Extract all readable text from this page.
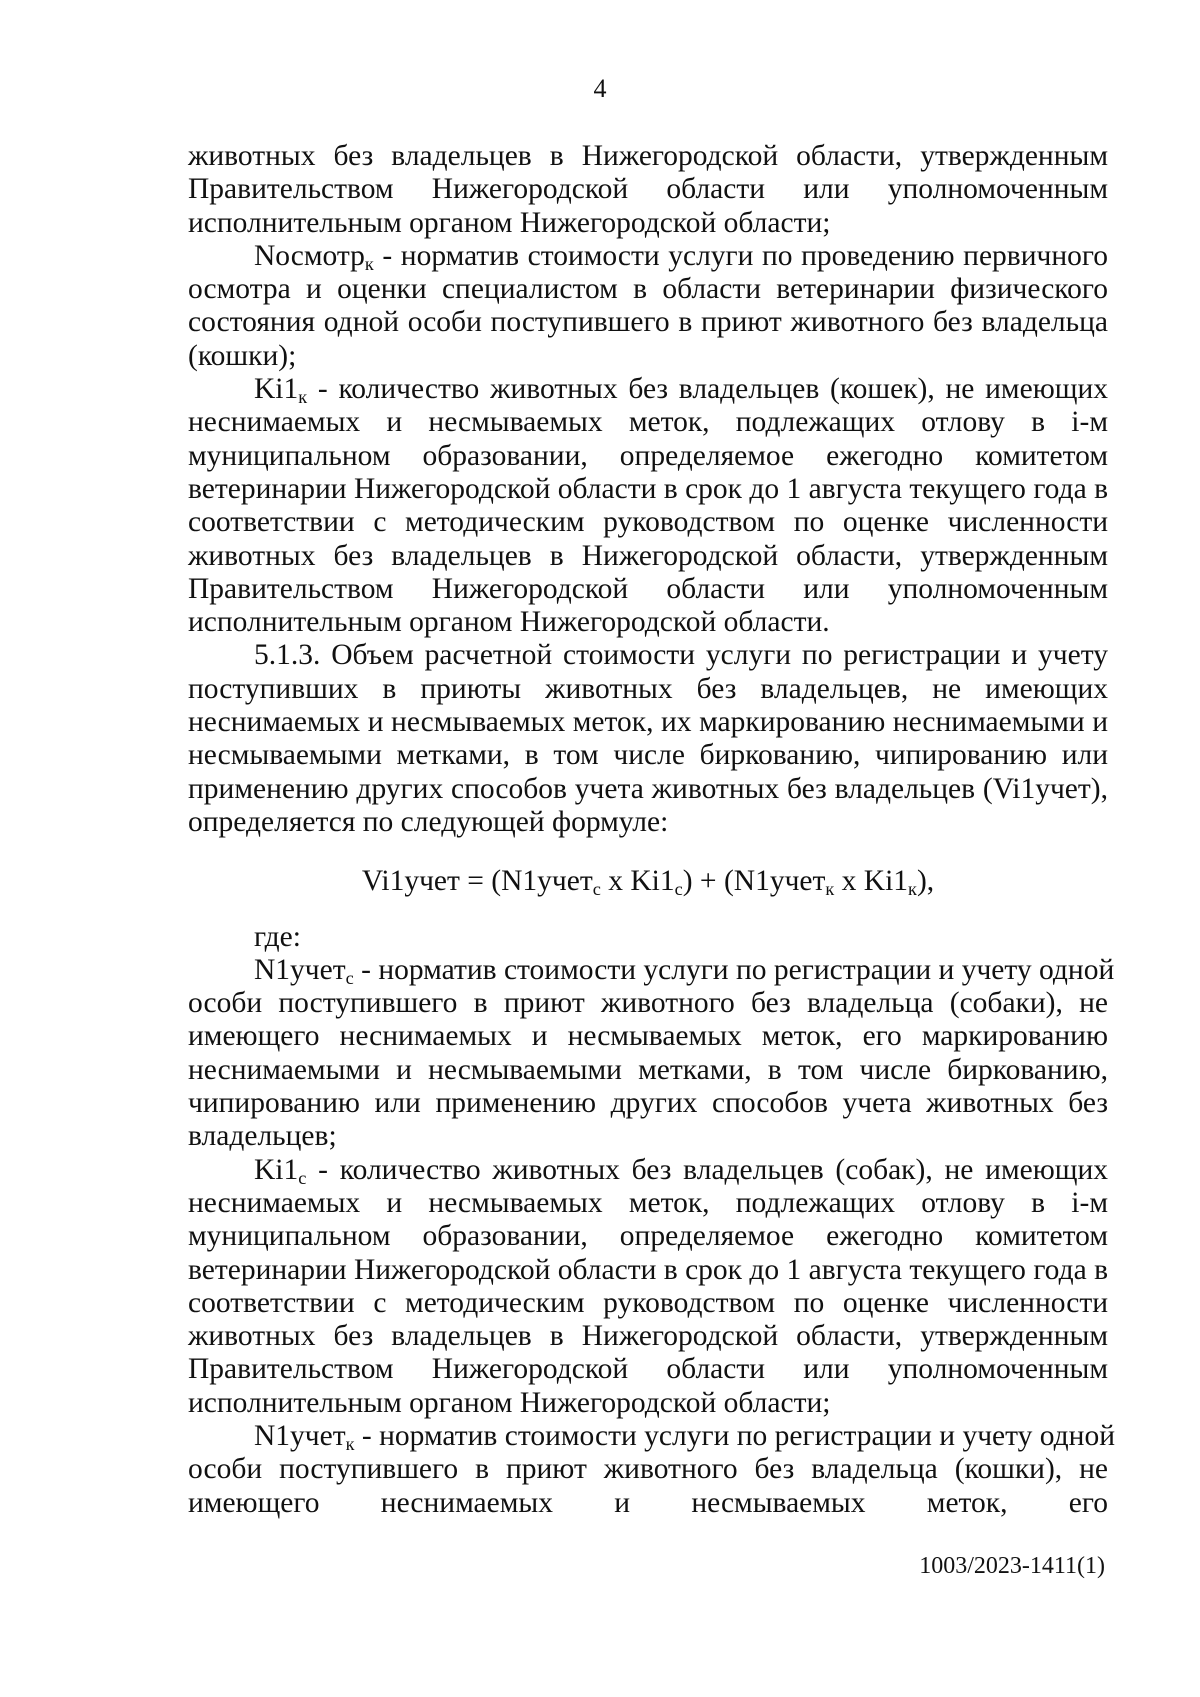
4
животных без владельцев в Нижегородской области, утвержденным
Правительством Нижегородской области или уполномоченным
исполнительным органом Нижегородской области;
Nосмотр$_к$ - норматив стоимости услуги по проведению первичного
осмотра и оценки специалистом в области ветеринарии физического
состояния одной особи поступившего в приют животного без владельца
(кошки);
$Ki1_к$ - количество животных без владельцев (кошек), не имеющих
неснимаемых и несмываемых меток, подлежащих отлову в i-м
муниципальном образовании, определяемое ежегодно комитетом
ветеринарии Нижегородской области в срок до 1 августа текущего года в
соответствии с методическим руководством по оценке численности
животных без владельцев в Нижегородской области, утвержденным
Правительством Нижегородской области или уполномоченным
исполнительным органом Нижегородской области.
5.1.3. Объем расчетной стоимости услуги по регистрации и учету
поступивших в приюты животных без владельцев, не имеющих
неснимаемых и несмываемых меток, их маркированию неснимаемыми и
несмываемыми метками, в том числе биркованию, чипированию или
применению других способов учета животных без владельцев (Vi1учет),
определяется по следующей формуле:
Vi1учет = (N1учет$_с$ х $Ki1_с$) + (N1учет$_к$ х $Ki1_к$),
где:
N1учет$_с$ - норматив стоимости услуги по регистрации и учету одной
особи поступившего в приют животного без владельца (собаки), не
имеющего неснимаемых и несмываемых меток, его маркированию
неснимаемыми и несмываемыми метками, в том числе биркованию,
чипированию или применению других способов учета животных без
владельцев;
$Ki1_с$ - количество животных без владельцев (собак), не имеющих
неснимаемых и несмываемых меток, подлежащих отлову в i-м
муниципальном образовании, определяемое ежегодно комитетом
ветеринарии Нижегородской области в срок до 1 августа текущего года в
соответствии с методическим руководством по оценке численности
животных без владельцев в Нижегородской области, утвержденным
Правительством Нижегородской области или уполномоченным
исполнительным органом Нижегородской области;
N1учет$_к$ - норматив стоимости услуги по регистрации и учету одной
особи поступившего в приют животного без владельца (кошки), не
имеющего неснимаемых и несмываемых меток, его
1003/2023-1411(1)
